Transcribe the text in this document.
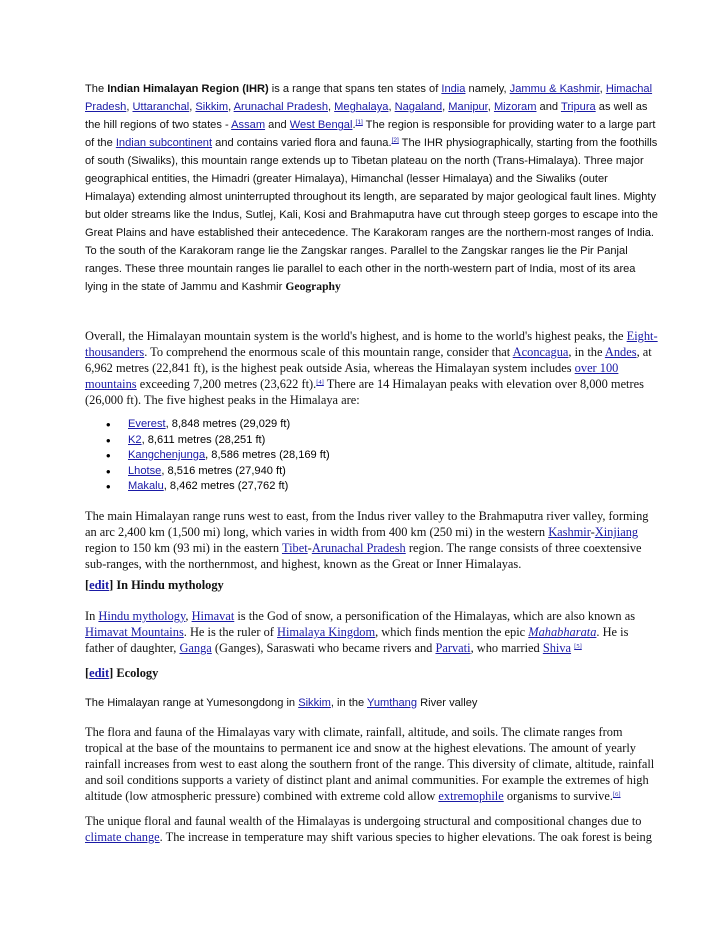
The Indian Himalayan Region (IHR) is a range that spans ten states of India namely, Jammu & Kashmir, Himachal Pradesh, Uttaranchal, Sikkim, Arunachal Pradesh, Meghalaya, Nagaland, Manipur, Mizoram and Tripura as well as the hill regions of two states - Assam and West Bengal.[1] The region is responsible for providing water to a large part of the Indian subcontinent and contains varied flora and fauna.[2] The IHR physiographically, starting from the foothills of south (Siwaliks), this mountain range extends up to Tibetan plateau on the north (Trans-Himalaya). Three major geographical entities, the Himadri (greater Himalaya), Himanchal (lesser Himalaya) and the Siwaliks (outer Himalaya) extending almost uninterrupted throughout its length, are separated by major geological fault lines. Mighty but older streams like the Indus, Sutlej, Kali, Kosi and Brahmaputra have cut through steep gorges to escape into the Great Plains and have established their antecedence. The Karakoram ranges are the northern-most ranges of India. To the south of the Karakoram range lie the Zangskar ranges. Parallel to the Zangskar ranges lie the Pir Panjal ranges. These three mountain ranges lie parallel to each other in the north-western part of India, most of its area lying in the state of Jammu and Kashmir Geography
Overall, the Himalayan mountain system is the world's highest, and is home to the world's highest peaks, the Eight-thousanders. To comprehend the enormous scale of this mountain range, consider that Aconcagua, in the Andes, at 6,962 metres (22,841 ft), is the highest peak outside Asia, whereas the Himalayan system includes over 100 mountains exceeding 7,200 metres (23,622 ft).[4] There are 14 Himalayan peaks with elevation over 8,000 metres (26,000 ft). The five highest peaks in the Himalaya are:
• Everest, 8,848 metres (29,029 ft)
• K2, 8,611 metres (28,251 ft)
• Kangchenjunga, 8,586 metres (28,169 ft)
• Lhotse, 8,516 metres (27,940 ft)
• Makalu, 8,462 metres (27,762 ft)
The main Himalayan range runs west to east, from the Indus river valley to the Brahmaputra river valley, forming an arc 2,400 km (1,500 mi) long, which varies in width from 400 km (250 mi) in the western Kashmir-Xinjiang region to 150 km (93 mi) in the eastern Tibet-Arunachal Pradesh region. The range consists of three coextensive sub-ranges, with the northernmost, and highest, known as the Great or Inner Himalayas.
[edit] In Hindu mythology
In Hindu mythology, Himavat is the God of snow, a personification of the Himalayas, which are also known as Himavat Mountains. He is the ruler of Himalaya Kingdom, which finds mention the epic Mahabharata. He is father of daughter, Ganga (Ganges), Saraswati who became rivers and Parvati, who married Shiva [5]
[edit] Ecology
The Himalayan range at Yumesongdong in Sikkim, in the Yumthang River valley
The flora and fauna of the Himalayas vary with climate, rainfall, altitude, and soils. The climate ranges from tropical at the base of the mountains to permanent ice and snow at the highest elevations. The amount of yearly rainfall increases from west to east along the southern front of the range. This diversity of climate, altitude, rainfall and soil conditions supports a variety of distinct plant and animal communities. For example the extremes of high altitude (low atmospheric pressure) combined with extreme cold allow extremophile organisms to survive.[6]
The unique floral and faunal wealth of the Himalayas is undergoing structural and compositional changes due to climate change. The increase in temperature may shift various species to higher elevations. The oak forest is being
